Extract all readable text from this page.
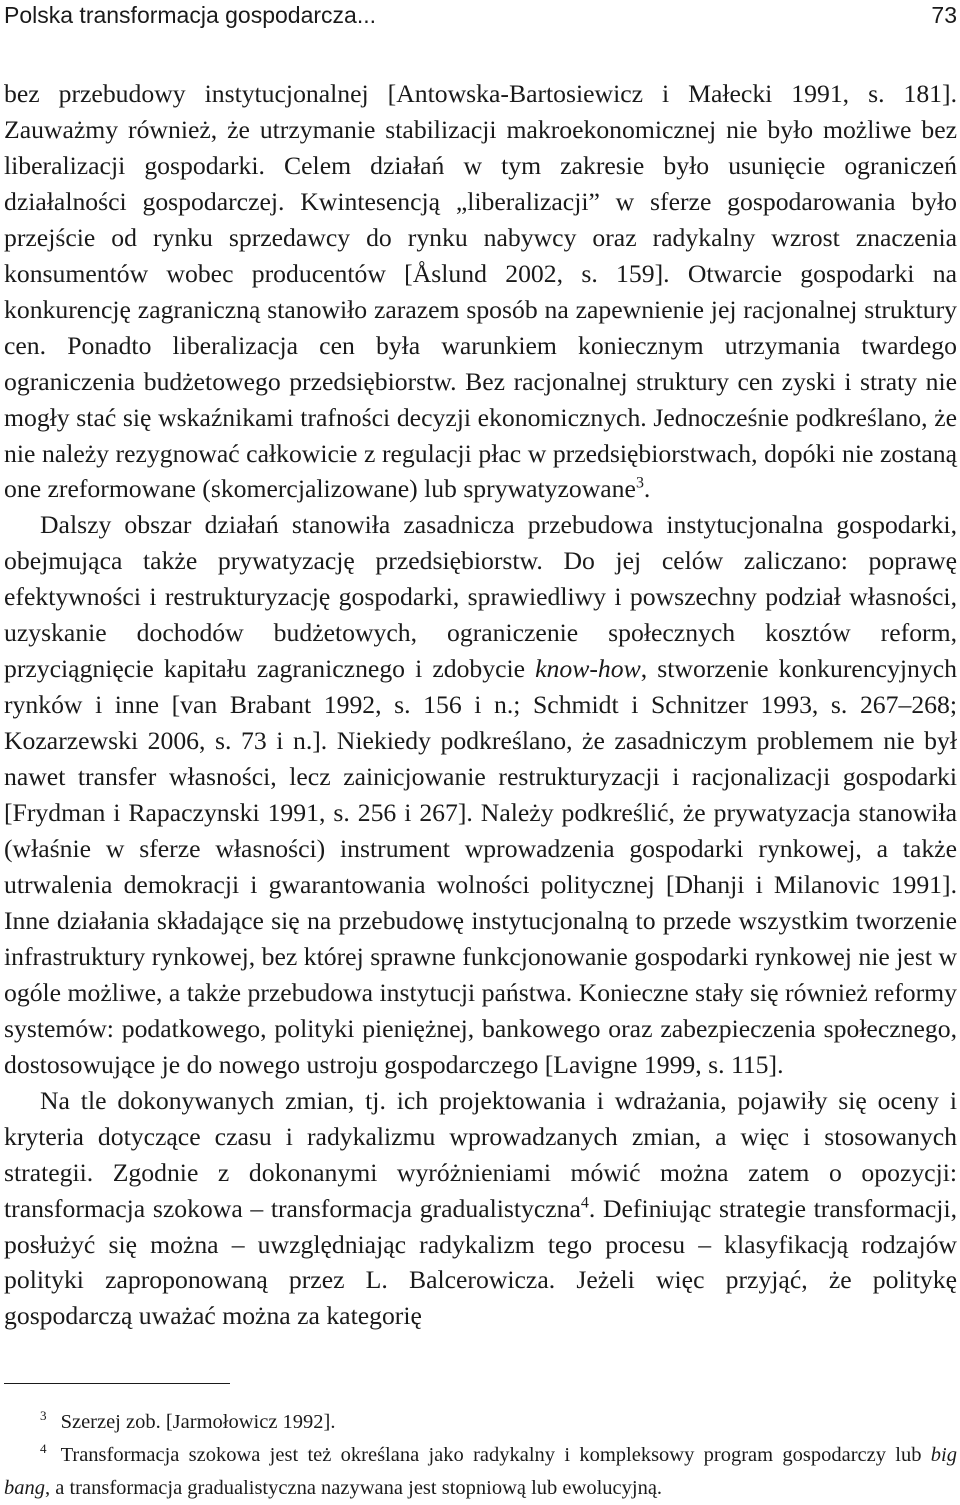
Polska transformacja gospodarcza...	73

bez przebudowy instytucjonalnej [Antowska-Bartosiewicz i Małecki 1991, s. 181]. Zauważmy również, że utrzymanie stabilizacji makroekonomicznej nie było możliwe bez liberalizacji gospodarki. Celem działań w tym zakresie było usunięcie ograniczeń działalności gospodarczej. Kwintesencją „liberalizacji” w sferze gospodarowania było przejście od rynku sprzedawcy do rynku nabywcy oraz radykalny wzrost znaczenia konsumentów wobec producentów [Åslund 2002, s. 159]. Otwarcie gospodarki na konkurencję zagraniczną stanowiło zarazem sposób na zapewnienie jej racjonalnej struktury cen. Ponadto liberalizacja cen była warunkiem koniecznym utrzymania twardego ograniczenia budżetowego przedsiębiorstw. Bez racjonalnej struktury cen zyski i straty nie mogły stać się wskaźnikami trafności decyzji ekonomicznych. Jednocześnie podkreślano, że nie należy rezygnować całkowicie z regulacji płac w przedsiębiorstwach, dopóki nie zostaną one zreformowane (skomercjalizowane) lub sprywatyzowane$^3$.

Dalszy obszar działań stanowiła zasadnicza przebudowa instytucjonalna gospodarki, obejmująca także prywatyzację przedsiębiorstw. Do jej celów zaliczano: poprawę efektywności i restrukturyzację gospodarki, sprawiedliwy i powszechny podział własności, uzyskanie dochodów budżetowych, ograniczenie społecznych kosztów reform, przyciągnięcie kapitału zagranicznego i zdobycie know-how, stworzenie konkurencyjnych rynków i inne [van Brabant 1992, s. 156 i n.; Schmidt i Schnitzer 1993, s. 267–268; Kozarzewski 2006, s. 73 i n.]. Niekiedy podkreślano, że zasadniczym problemem nie był nawet transfer własności, lecz zainicjowanie restrukturyzacji i racjonalizacji gospodarki [Frydman i Rapaczynski 1991, s. 256 i 267]. Należy podkreślić, że prywatyzacja stanowiła (właśnie w sferze własności) instrument wprowadzenia gospodarki rynkowej, a także utrwalenia demokracji i gwarantowania wolności politycznej [Dhanji i Milanovic 1991]. Inne działania składające się na przebudowę instytucjonalną to przede wszystkim tworzenie infrastruktury rynkowej, bez której sprawne funkcjonowanie gospodarki rynkowej nie jest w ogóle możliwe, a także przebudowa instytucji państwa. Konieczne stały się również reformy systemów: podatkowego, polityki pieniężnej, bankowego oraz zabezpieczenia społecznego, dostosowujące je do nowego ustroju gospodarczego [Lavigne 1999, s. 115].

Na tle dokonywanych zmian, tj. ich projektowania i wdrażania, pojawiły się oceny i kryteria dotyczące czasu i radykalizmu wprowadzanych zmian, a więc i stosowanych strategii. Zgodnie z dokonanymi wyróżnieniami mówić można zatem o opozycji: transformacja szokowa – transformacja gradualistyczna$^4$. Definiując strategie transformacji, posłużyć się można – uwzględniając radykalizm tego procesu – klasyfikacją rodzajów polityki zaproponowaną przez L. Balcerowicza. Jeżeli więc przyjąć, że politykę gospodarczą uważać można za kategorię

$^3$ Szerzej zob. [Jarmołowicz 1992].

$^4$ Transformacja szokowa jest też określana jako radykalny i kompleksowy program gospodarczy lub big bang, a transformacja gradualistyczna nazywana jest stopniową lub ewolucyjną.
